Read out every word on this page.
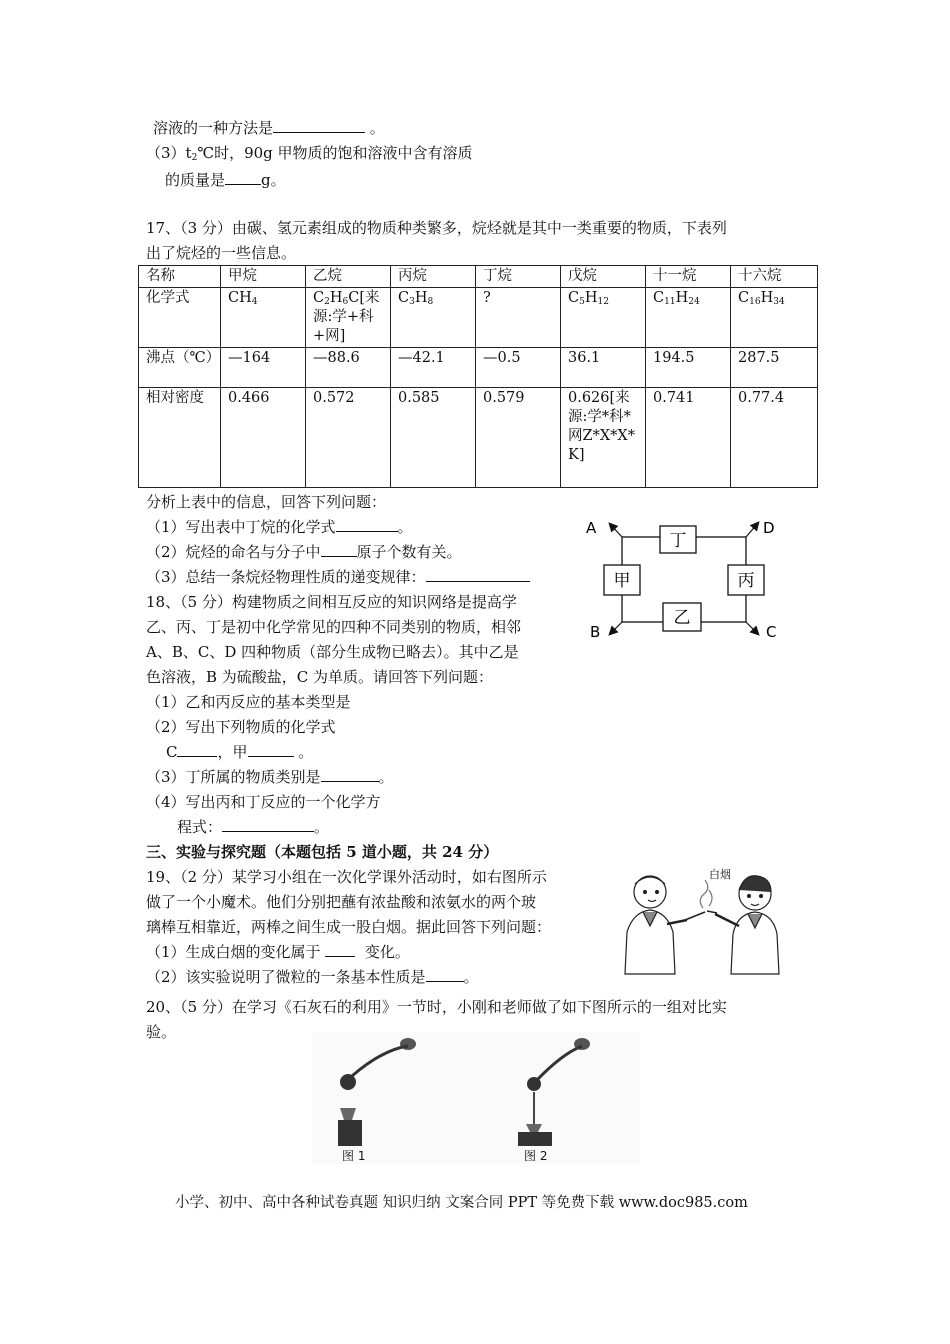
溶液的一种方法是	。
$(3)t_2℃$时，90g 甲物质的饱和溶液中含有溶质
的质量是 g。
17、（3 分）由碳、氢元素组成的物质种类繁多，烷烃就是其中一类重要的物质，下表列
出了烷烃的一些信息。
名称	甲烷	乙烷	丙烷	丁烷	戊烷	十一烷	十六烷
化学式	$CH_4$	$C_2H_6C$[来源:学+科+网]	$C_3H_8$	?	$C_5H_{12}$	$C_{11}H_{24}$	$C_{16}H_{34}$
沸点（℃）	—164	—88.6	—42.1	—0.5	36.1	194.5	287.5
相对密度	0.466	0.572	0.585	0.579	0.626[来源:学*科*网Z*X*X*K]	0.741	0.77.4
分析上表中的信息，回答下列问题：
（1）写出表中丁烷的化学式	。
（2）烷烃的命名与分子中 原子个数有关。
（3）总结一条烷烃物理性质的递变规律：
18、（5 分）构建物质之间相互反应的知识网络是提高学
乙、丙、丁是初中化学常见的四种不同类别的物质，相邻
A、B、C、D 四种物质（部分生成物已略去）。其中乙是
色溶液，B 为硫酸盐，C 为单质。请回答下列问题：
（1）乙和丙反应的基本类型是
（2）写出下列物质的化学式
C	，甲	。
（3）丁所属的物质类别是	。
（4）写出丙和丁反应的一个化学方
程式：	。
丁
甲	丙
乙
A	D
B	C
三、实验与探究题（本题包括 5 道小题，共 24 分）
19、（2 分）某学习小组在一次化学课外活动时，如右图所示
做了一个小魔术。他们分别把蘸有浓盐酸和浓氨水的两个玻
璃棒互相靠近，两棒之间生成一股白烟。据此回答下列问题：
（1）生成白烟的变化属于	变化。
（2）该实验说明了微粒的一条基本性质是	。
白烟
20、（5 分）在学习《石灰石的利用》一节时，小刚和老师做了如下图所示的一组对比实
验。
图 1	图 2
小学、初中、高中各种试卷真题 知识归纳 文案合同 PPT 等免费下载 www.doc985.com
